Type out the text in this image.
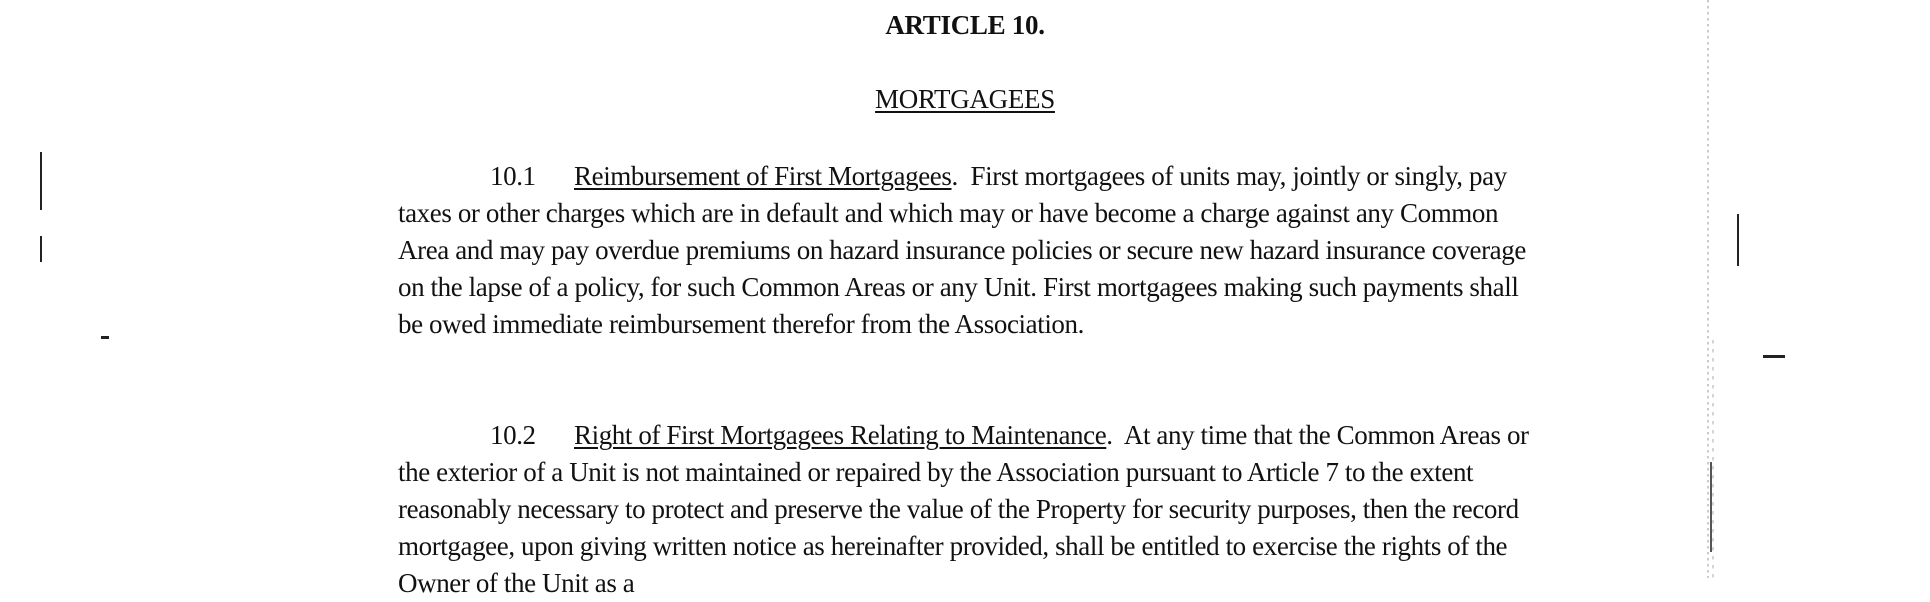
ARTICLE 10.
MORTGAGEES

10.1 Reimbursement of First Mortgagees. First mortgagees of units may, jointly or singly, pay taxes or other charges which are in default and which may or have become a charge against any Common Area and may pay overdue premiums on hazard insurance policies or secure new hazard insurance coverage on the lapse of a policy, for such Common Areas or any Unit. First mortgagees making such payments shall be owed immediate reimbursement therefor from the Association.

10.2 Right of First Mortgagees Relating to Maintenance. At any time that the Common Areas or the exterior of a Unit is not maintained or repaired by the Association pursuant to Article 7 to the extent reasonably necessary to protect and preserve the value of the Property for security purposes, then the record mortgagee, upon giving written notice as hereinafter provided, shall be entitled to exercise the rights of the Owner of the Unit as a
